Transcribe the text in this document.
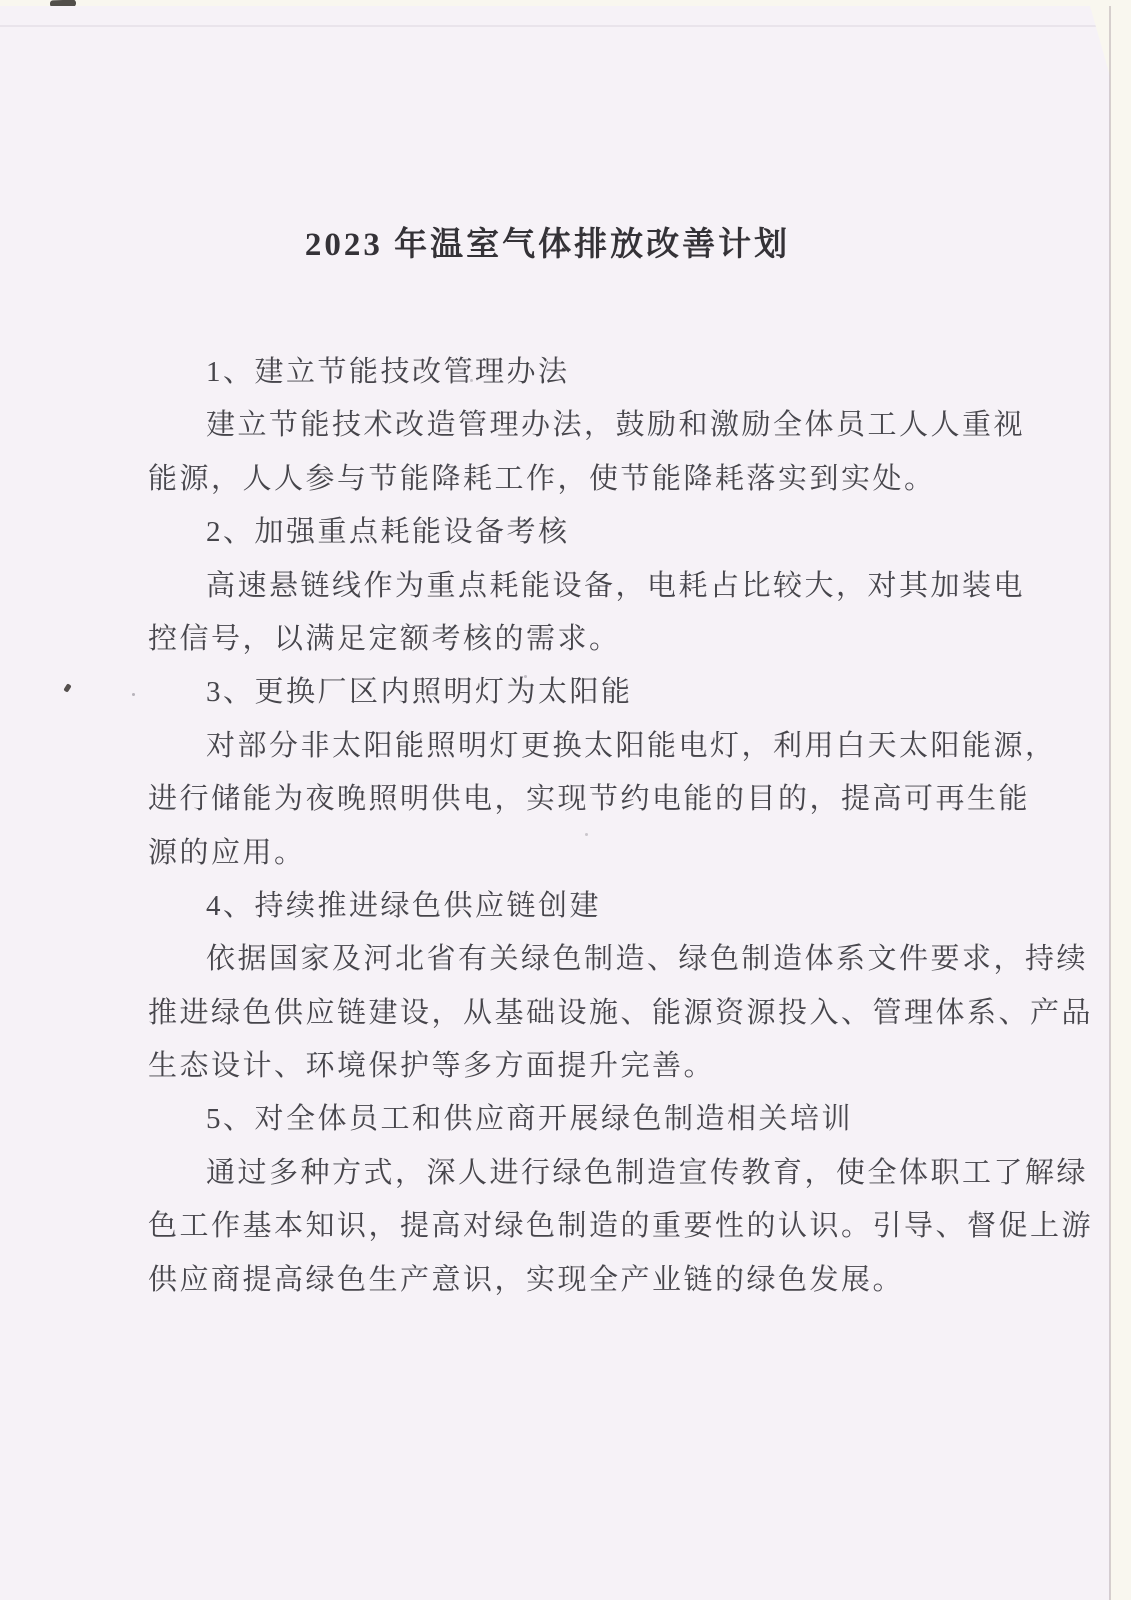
2023 年温室气体排放改善计划
1、建立节能技改管理办法
建立节能技术改造管理办法，鼓励和激励全体员工人人重视
能源，人人参与节能降耗工作，使节能降耗落实到实处。
2、加强重点耗能设备考核
高速悬链线作为重点耗能设备，电耗占比较大，对其加装电
控信号，以满足定额考核的需求。
3、更换厂区内照明灯为太阳能
对部分非太阳能照明灯更换太阳能电灯，利用白天太阳能源，
进行储能为夜晚照明供电，实现节约电能的目的，提高可再生能
源的应用。
4、持续推进绿色供应链创建
依据国家及河北省有关绿色制造、绿色制造体系文件要求，持续
推进绿色供应链建设，从基础设施、能源资源投入、管理体系、产品
生态设计、环境保护等多方面提升完善。
5、对全体员工和供应商开展绿色制造相关培训
通过多种方式，深人进行绿色制造宣传教育，使全体职工了解绿
色工作基本知识，提高对绿色制造的重要性的认识。引导、督促上游
供应商提高绿色生产意识，实现全产业链的绿色发展。
